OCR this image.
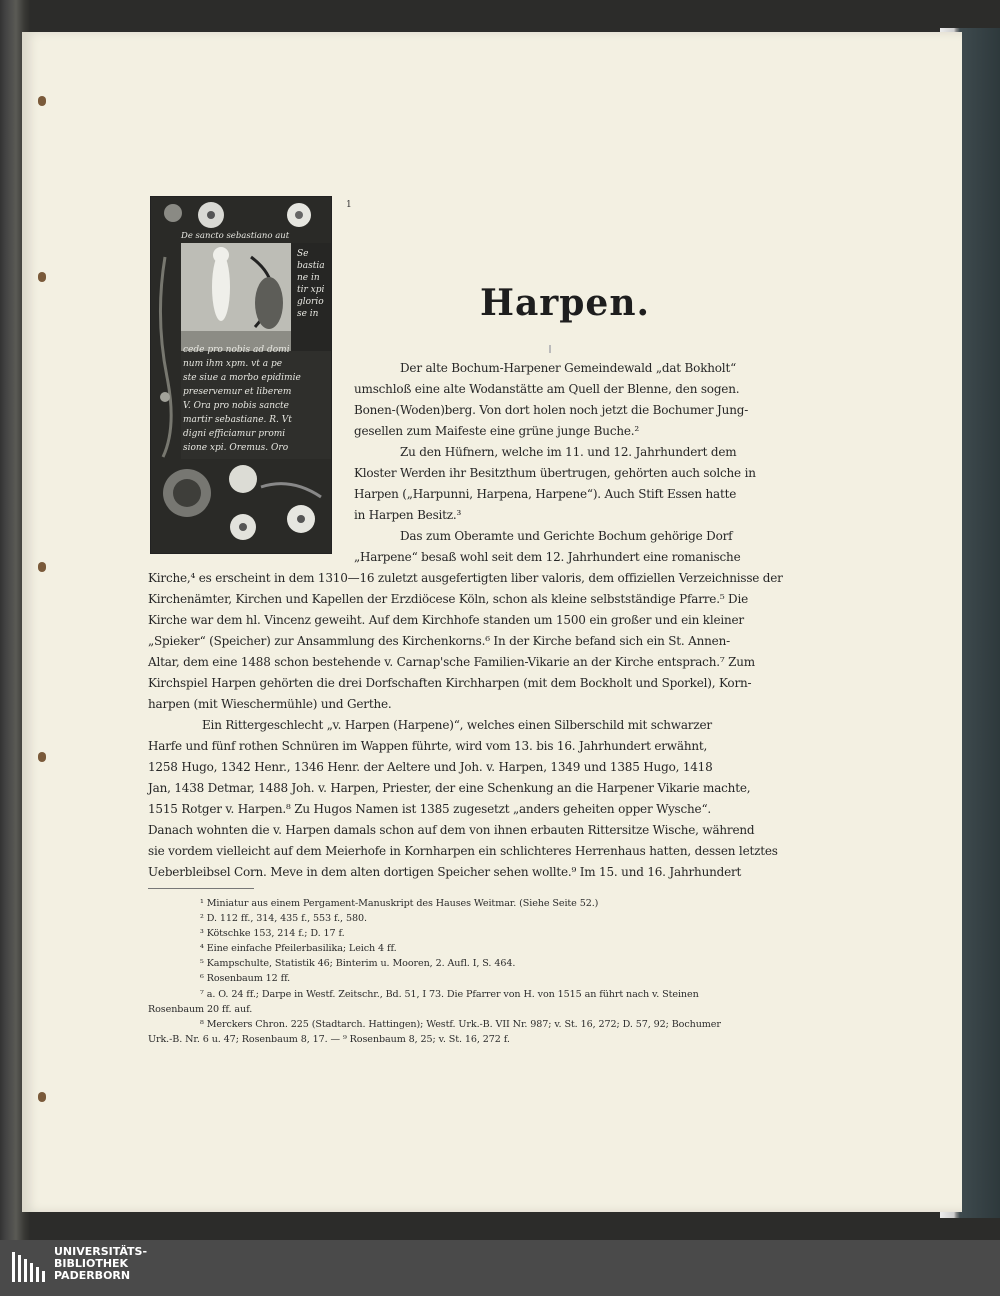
De sancto sebastiano aut
Se
bastia
ne in
tir xpi
glorio
se in
cede pro nobis ad domi
num ihm xpm. vt a pe
ste siue a morbo epidimie
preservemur et liberem
V. Ora pro nobis sancte
martir sebastiane. R. Vt
digni efficiamur promi
sione xpi. Oremus. Oro
1
Harpen.
Der alte Bochum-Harpener Gemeindewald „dat Bokholt“
umschloß eine alte Wodanstätte am Quell der Blenne, den sogen.
Bonen-(Woden)berg. Von dort holen noch jetzt die Bochumer Jung-
gesellen zum Maifeste eine grüne junge Buche.²
Zu den Hüfnern, welche im 11. und 12. Jahrhundert dem
Kloster Werden ihr Besitzthum übertrugen, gehörten auch solche in
Harpen („Harpunni, Harpena, Harpene“). Auch Stift Essen hatte
in Harpen Besitz.³
Das zum Oberamte und Gerichte Bochum gehörige Dorf
„Harpene“ besaß wohl seit dem 12. Jahrhundert eine romanische
Kirche,⁴ es erscheint in dem 1310—16 zuletzt ausgefertigten liber valoris, dem offiziellen Verzeichnisse der
Kirchenämter, Kirchen und Kapellen der Erzdiöcese Köln, schon als kleine selbstständige Pfarre.⁵ Die
Kirche war dem hl. Vincenz geweiht. Auf dem Kirchhofe standen um 1500 ein großer und ein kleiner
„Spieker“ (Speicher) zur Ansammlung des Kirchenkorns.⁶ In der Kirche befand sich ein St. Annen-
Altar, dem eine 1488 schon bestehende v. Carnap'sche Familien-Vikarie an der Kirche entsprach.⁷ Zum
Kirchspiel Harpen gehörten die drei Dorfschaften Kirchharpen (mit dem Bockholt und Sporkel), Korn-
harpen (mit Wieschermühle) und Gerthe.
Ein Rittergeschlecht „v. Harpen (Harpene)“, welches einen Silberschild mit schwarzer
Harfe und fünf rothen Schnüren im Wappen führte, wird vom 13. bis 16. Jahrhundert erwähnt,
1258 Hugo, 1342 Henr., 1346 Henr. der Aeltere und Joh. v. Harpen, 1349 und 1385 Hugo, 1418
Jan, 1438 Detmar, 1488 Joh. v. Harpen, Priester, der eine Schenkung an die Harpener Vikarie machte,
1515 Rotger v. Harpen.⁸ Zu Hugos Namen ist 1385 zugesetzt „anders geheiten opper Wysche“.
Danach wohnten die v. Harpen damals schon auf dem von ihnen erbauten Rittersitze Wische, während
sie vordem vielleicht auf dem Meierhofe in Kornharpen ein schlichteres Herrenhaus hatten, dessen letztes
Ueberbleibsel Corn. Meve in dem alten dortigen Speicher sehen wollte.⁹ Im 15. und 16. Jahrhundert
¹ Miniatur aus einem Pergament-Manuskript des Hauses Weitmar. (Siehe Seite 52.)
² D. 112 ff., 314, 435 f., 553 f., 580.
³ Kötschke 153, 214 f.; D. 17 f.
⁴ Eine einfache Pfeilerbasilika; Leich 4 ff.
⁵ Kampschulte, Statistik 46; Binterim u. Mooren, 2. Aufl. I, S. 464.
⁶ Rosenbaum 12 ff.
⁷ a. O. 24 ff.; Darpe in Westf. Zeitschr., Bd. 51, I 73. Die Pfarrer von H. von 1515 an führt nach v. Steinen
Rosenbaum 20 ff. auf.
⁸ Merckers Chron. 225 (Stadtarch. Hattingen); Westf. Urk.-B. VII Nr. 987; v. St. 16, 272; D. 57, 92; Bochumer
Urk.-B. Nr. 6 u. 47; Rosenbaum 8, 17. — ⁹ Rosenbaum 8, 25; v. St. 16, 272 f.
UNIVERSITÄTS-
BIBLIOTHEK
PADERBORN
